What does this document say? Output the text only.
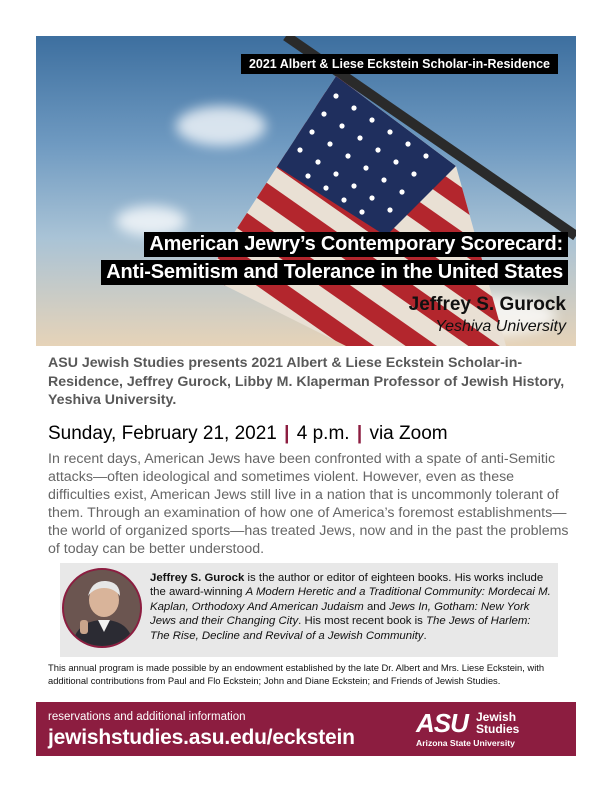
2021 Albert & Liese Eckstein Scholar-in-Residence
American Jewry’s Contemporary Scorecard:
Anti-Semitism and Tolerance in the United States
Jeffrey S. Gurock
Yeshiva University
ASU Jewish Studies presents 2021 Albert & Liese Eckstein Scholar-in-Residence, Jeffrey Gurock, Libby M. Klaperman Professor of Jewish History, Yeshiva University.
Sunday, February 21, 2021 | 4 p.m. | via Zoom
In recent days, American Jews have been confronted with a spate of anti-Semitic attacks—often ideological and sometimes violent. However, even as these difficulties exist, American Jews still live in a nation that is uncommonly tolerant of them. Through an examination of how one of America’s foremost establishments—the world of organized sports—has treated Jews, now and in the past the problems of today can be better understood.
Jeffrey S. Gurock is the author or editor of eighteen books. His works include the award-winning A Modern Heretic and a Traditional Community: Mordecai M. Kaplan, Orthodoxy And American Judaism and Jews In, Gotham: New York Jews and their Changing City. His most recent book is The Jews of Harlem: The Rise, Decline and Revival of a Jewish Community.
This annual program is made possible by an endowment established by the late Dr. Albert and Mrs. Liese Eckstein, with additional contributions from Paul and Flo Eckstein; John and Diane Eckstein; and Friends of Jewish Studies.
reservations and additional information
jewishstudies.asu.edu/eckstein ASU Jewish
Studies
Arizona State University
